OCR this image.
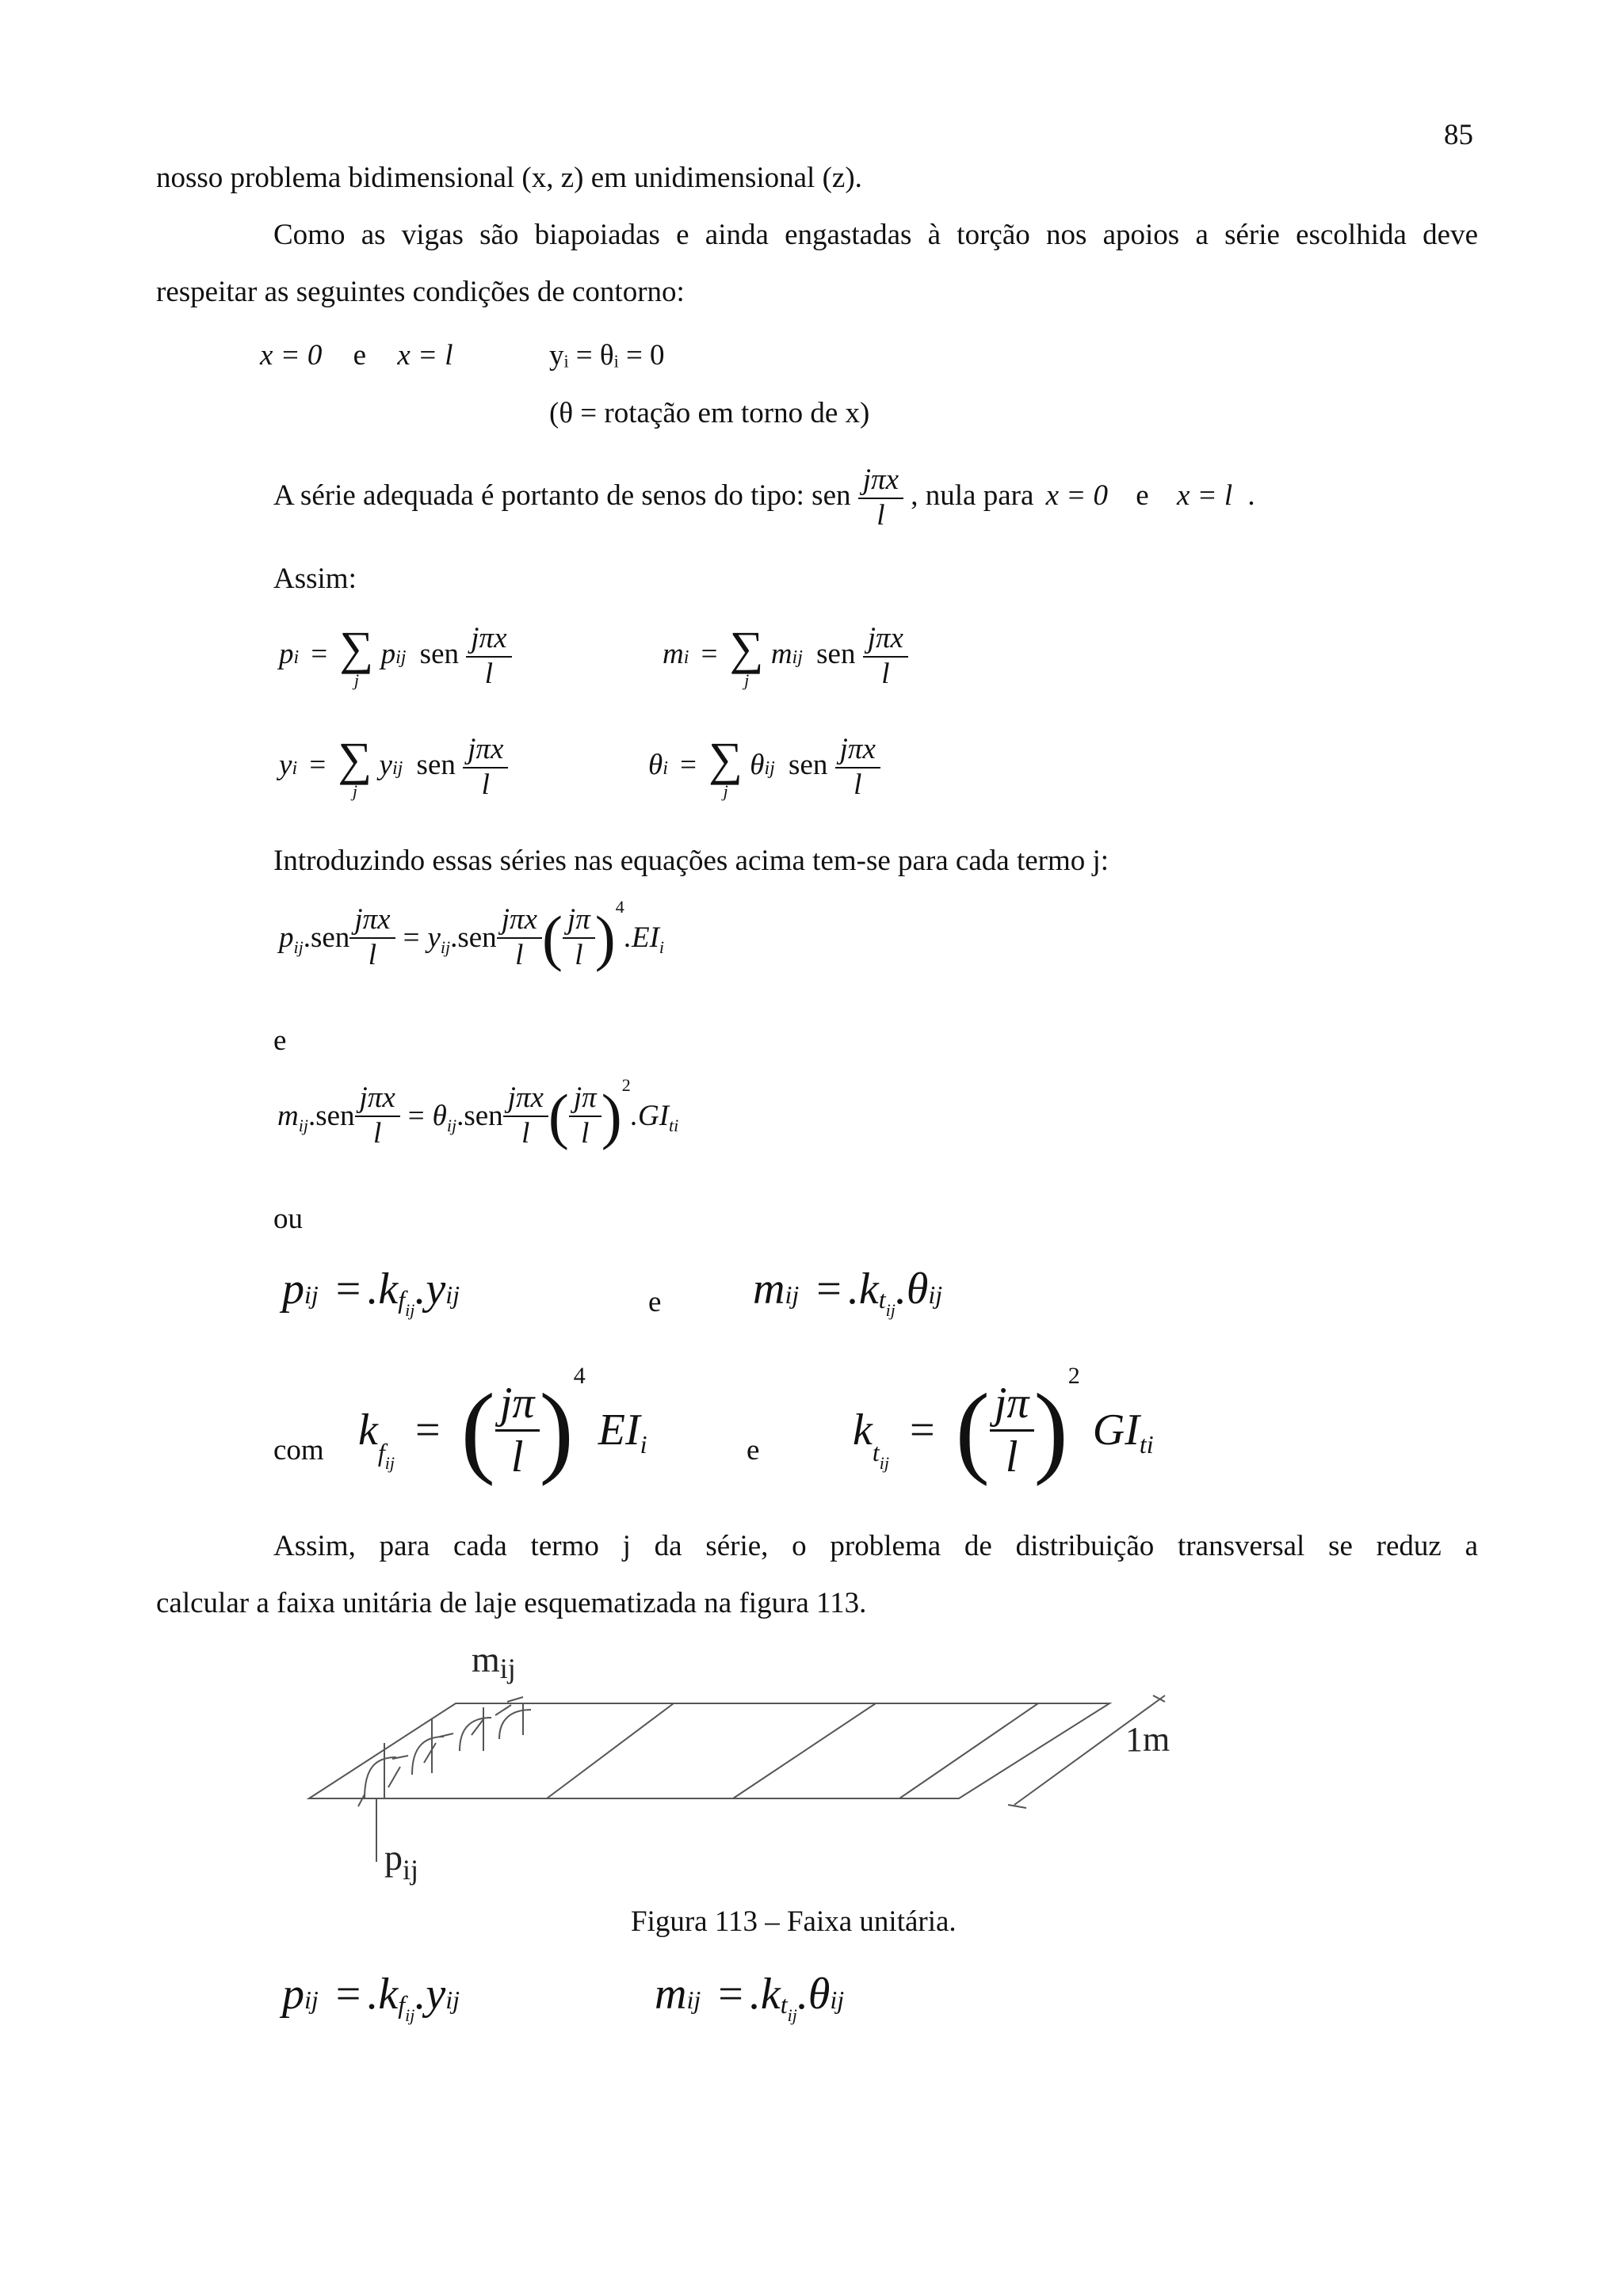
85
nosso problema bidimensional (x, z) em unidimensional (z).
Como as vigas são biapoiadas e ainda engastadas à torção nos apoios a série escolhida deve
respeitar as seguintes condições de contorno:
x = 0 e x = l	yᵢ = θᵢ = 0
(θ = rotação em torno de x)
A série adequada é portanto de senos do tipo: sen $\frac{\text{jπx}}{l}$ , nula para x = 0 e x = l .
Assim:
pi = ∑
j
pij sen $\frac{\text{jπx}}{l}$	mi = ∑
j
mij sen $\frac{\text{jπx}}{l}$
yi = ∑
j
yij sen $\frac{\text{jπx}}{l}$	θi = ∑
j
θij sen $\frac{\text{jπx}}{l}$
Introduzindo essas séries nas equações acima tem-se para cada termo j:
p ij $.sen \frac{\text{jπx}}{l} = y$ ij $.sen \frac{\text{jπx}}{l}$ ( $\frac{j\pi}{l}$ ) 4
.EI i
e
m ij $.sen \frac{\text{jπx}}{l} = \theta$ ij $.sen \frac{\text{jπx}}{l}$ ( $\frac{j\pi}{l}$ ) 2
.GI ti
ou
pij = $.kf_{ij}.yij$	e mij = $.kt_{ij}.\theta ij$
com k f ij
= ( $\frac{j\pi}{l}$ ) 4
EI i	e k t ij
= ( $\frac{j\pi}{l}$ ) 2
GI ti
Assim, para cada termo j da série, o problema de distribuição transversal se reduz a
calcular a faixa unitária de laje esquematizada na figura 113.
mij
1m
$p_{ij}$
Figura 113 – Faixa unitária.
pij = $.kf_{ij}.yij$	mij = $.kt_{ij}.\theta ij$
